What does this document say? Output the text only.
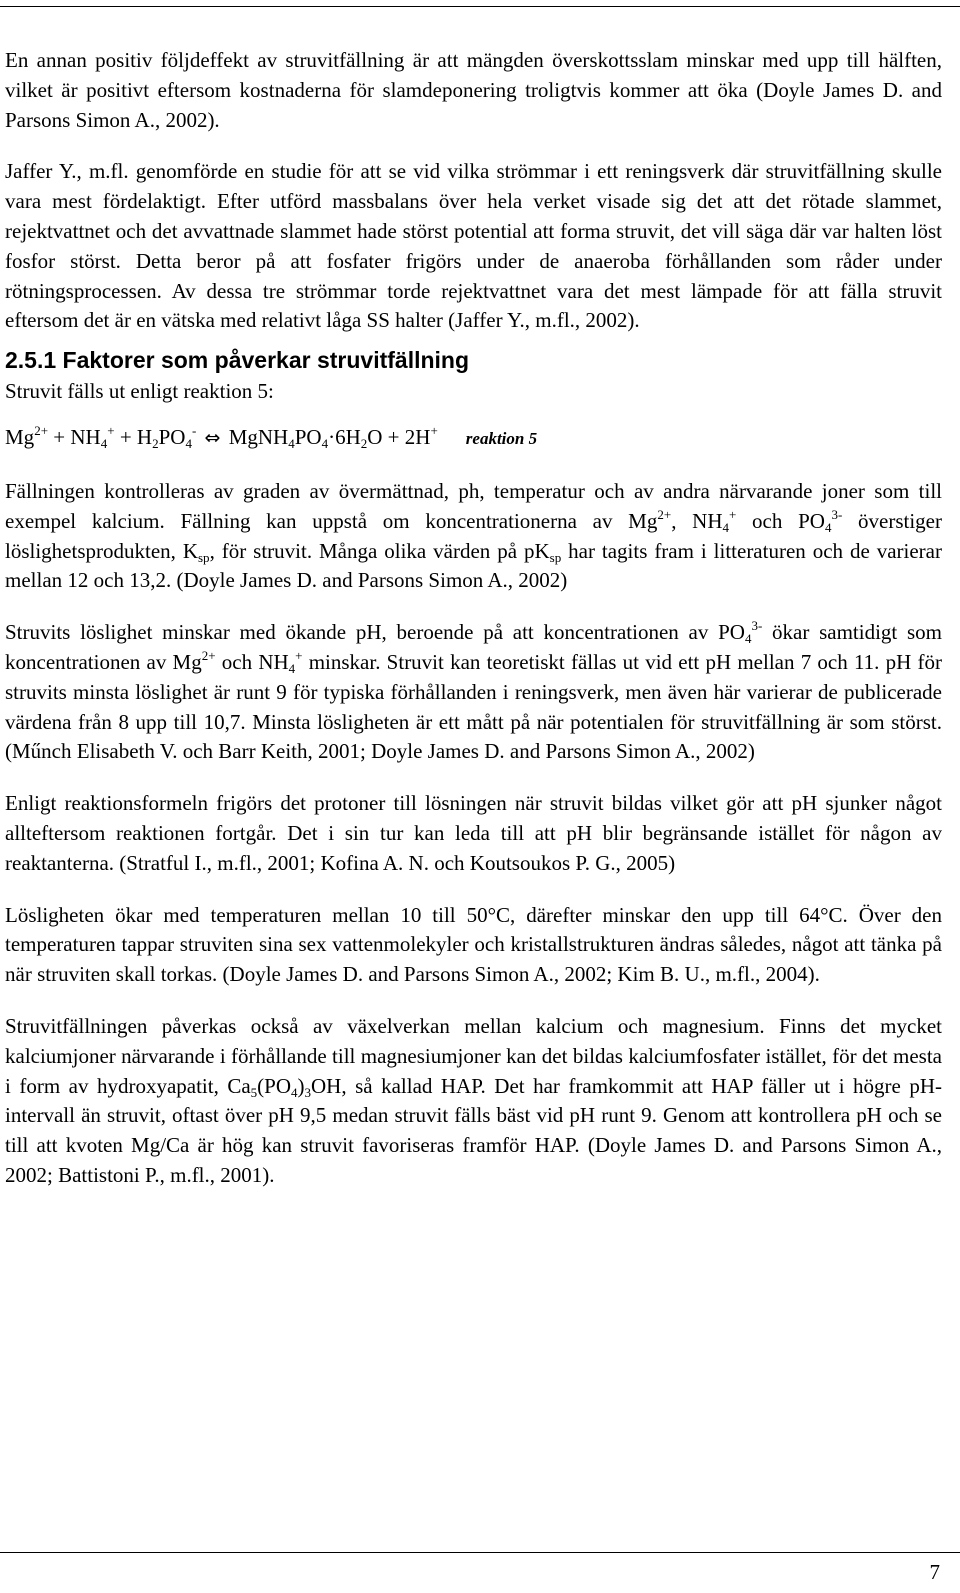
En annan positiv följdeffekt av struvitfällning är att mängden överskottsslam minskar med upp till hälften, vilket är positivt eftersom kostnaderna för slamdeponering troligtvis kommer att öka (Doyle James D. and Parsons Simon A., 2002).

Jaffer Y., m.fl. genomförde en studie för att se vid vilka strömmar i ett reningsverk där struvitfällning skulle vara mest fördelaktigt. Efter utförd massbalans över hela verket visade sig det att det rötade slammet, rejektvattnet och det avvattnade slammet hade störst potential att forma struvit, det vill säga där var halten löst fosfor störst. Detta beror på att fosfater frigörs under de anaeroba förhållanden som råder under rötningsprocessen. Av dessa tre strömmar torde rejektvattnet vara det mest lämpade för att fälla struvit eftersom det är en vätska med relativt låga SS halter (Jaffer Y., m.fl., 2002).

2.5.1 Faktorer som påverkar struvitfällning

Struvit fälls ut enligt reaktion 5:

$Mg^{2+} + NH_4^+ + H_2PO_4^-$ ⇔ $MgNH_4PO_4\cdot 6H_2O + 2H^+$ reaktion 5

Fällningen kontrolleras av graden av övermättnad, ph, temperatur och av andra närvarande joner som till exempel kalcium. Fällning kan uppstå om koncentrationerna av $Mg^{2+}$, $NH_4^+$ och $PO_4^{3-}$ överstiger löslighetsprodukten, $K_{sp}$, för struvit. Många olika värden på $pK_{sp}$ har tagits fram i litteraturen och de varierar mellan 12 och 13,2. (Doyle James D. and Parsons Simon A., 2002)

Struvits löslighet minskar med ökande pH, beroende på att koncentrationen av $PO_4^{3-}$ ökar samtidigt som koncentrationen av $Mg^{2+}$ och $NH_4^+$ minskar. Struvit kan teoretiskt fällas ut vid ett pH mellan 7 och 11. pH för struvits minsta löslighet är runt 9 för typiska förhållanden i reningsverk, men även här varierar de publicerade värdena från 8 upp till 10,7. Minsta lösligheten är ett mått på när potentialen för struvitfällning är som störst. (Műnch Elisabeth V. och Barr Keith, 2001; Doyle James D. and Parsons Simon A., 2002)

Enligt reaktionsformeln frigörs det protoner till lösningen när struvit bildas vilket gör att pH sjunker något allteftersom reaktionen fortgår. Det i sin tur kan leda till att pH blir begränsande istället för någon av reaktanterna. (Stratful I., m.fl., 2001; Kofina A. N. och Koutsoukos P. G., 2005)

Lösligheten ökar med temperaturen mellan 10 till 50°C, därefter minskar den upp till 64°C. Över den temperaturen tappar struviten sina sex vattenmolekyler och kristallstrukturen ändras således, något att tänka på när struviten skall torkas. (Doyle James D. and Parsons Simon A., 2002; Kim B. U., m.fl., 2004).

Struvitfällningen påverkas också av växelverkan mellan kalcium och magnesium. Finns det mycket kalciumjoner närvarande i förhållande till magnesiumjoner kan det bildas kalciumfosfater istället, för det mesta i form av hydroxyapatit, $Ca_5(PO_4)_3OH$, så kallad HAP. Det har framkommit att HAP fäller ut i högre pH-intervall än struvit, oftast över pH 9,5 medan struvit fälls bäst vid pH runt 9. Genom att kontrollera pH och se till att kvoten Mg/Ca är hög kan struvit favoriseras framför HAP. (Doyle James D. and Parsons Simon A., 2002; Battistoni P., m.fl., 2001).

7
